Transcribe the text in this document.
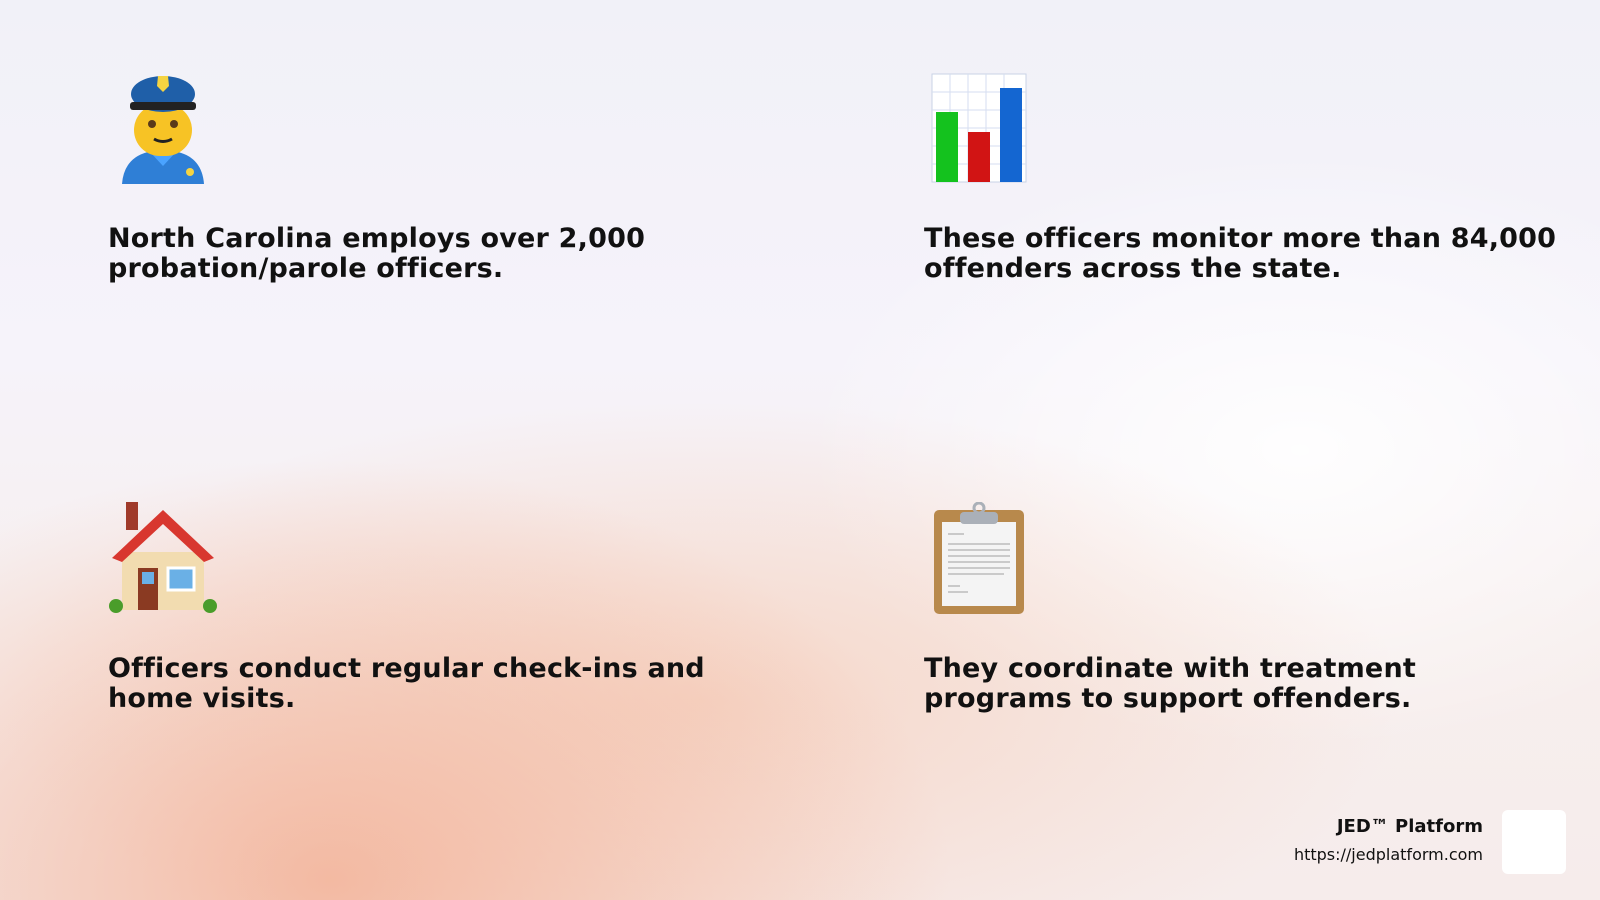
North Carolina employs over 2,000 probation/parole officers.

These officers monitor more than 84,000 offenders across the state.

Officers conduct regular check-ins and home visits.

They coordinate with treatment programs to support offenders.

JED™ Platform
https://jedplatform.com
